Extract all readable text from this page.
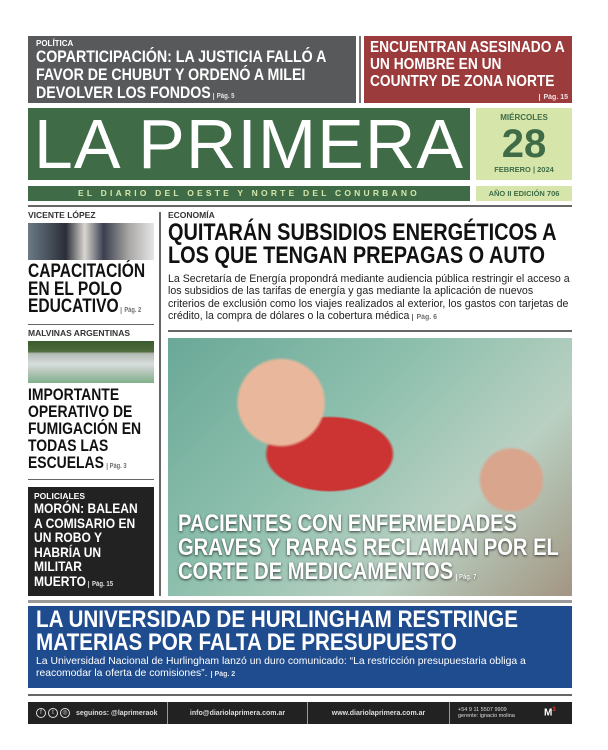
POLÍTICA
COPARTICIPACIÓN: LA JUSTICIA FALLÓ A FAVOR DE CHUBUT Y ORDENÓ A MILEI DEVOLVER LOS FONDOS Pág. 5
ENCUENTRAN ASESINADO A UN HOMBRE EN UN COUNTRY DE ZONA NORTE
Pág. 15
LA PRIMERA	MIÉRCOLES
28
FEBRERO | 2024
EL DIARIO DEL OESTE Y NORTE DEL CONURBANO	AÑO II EDICIÓN 706
VICENTE LÓPEZ
CAPACITACIÓN EN EL POLO EDUCATIVO Pág. 2
MALVINAS ARGENTINAS
IMPORTANTE OPERATIVO DE FUMIGACIÓN EN TODAS LAS ESCUELAS Pág. 3
POLICIALES
MORÓN: BALEAN A COMISARIO EN UN ROBO Y HABRÍA UN MILITAR MUERTO Pág. 15
ECONOMÍA
QUITARÁN SUBSIDIOS ENERGÉTICOS A LOS QUE TENGAN PREPAGAS O AUTO
La Secretaría de Energía propondrá mediante audiencia pública restringir el acceso a los subsidios de las tarifas de energía y gas mediante la aplicación de nuevos criterios de exclusión como los viajes realizados al exterior, los gastos con tarjetas de crédito, la compra de dólares o la cobertura médica Pág. 6
PACIENTES CON ENFERMEDADES GRAVES Y RARAS RECLAMAN POR EL CORTE DE MEDICAMENTOS Pág. 7
LA UNIVERSIDAD DE HURLINGHAM RESTRINGE MATERIAS POR FALTA DE PRESUPUESTO
La Universidad Nacional de Hurlingham lanzó un duro comunicado: “La restricción presupuestaria obliga a reacomodar la oferta de comisiones”. Pág. 2
f	t	◎	seguinos: @laprimeraok	info@diariolaprimera.com.ar	www.diariolaprimera.com.ar	+54 9 11 5507 9909
gerente: ignacio molina	$M^3$
